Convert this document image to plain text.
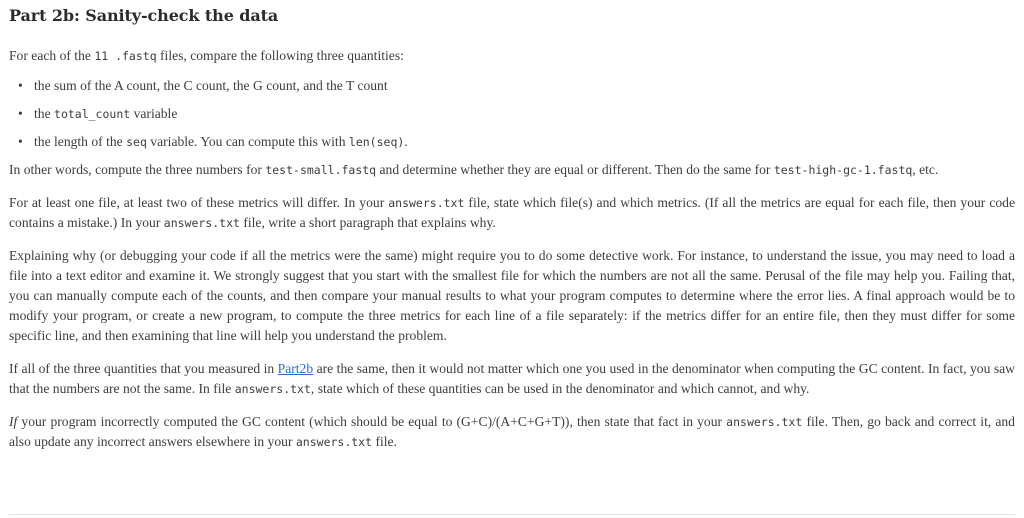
Part 2b: Sanity-check the data

For each of the 11 .fastq files, compare the following three quantities:

• the sum of the A count, the C count, the G count, and the T count
• the total_count variable
• the length of the seq variable. You can compute this with len(seq).

In other words, compute the three numbers for test-small.fastq and determine whether they are equal or different. Then do the same for test-high-gc-1.fastq, etc.

For at least one file, at least two of these metrics will differ. In your answers.txt file, state which file(s) and which metrics. (If all the metrics are equal for each file, then your code contains a mistake.) In your answers.txt file, write a short paragraph that explains why.

Explaining why (or debugging your code if all the metrics were the same) might require you to do some detective work. For instance, to understand the issue, you may need to load a file into a text editor and examine it. We strongly suggest that you start with the smallest file for which the numbers are not all the same. Perusal of the file may help you. Failing that, you can manually compute each of the counts, and then compare your manual results to what your program computes to determine where the error lies. A final approach would be to modify your program, or create a new program, to compute the three metrics for each line of a file separately: if the metrics differ for an entire file, then they must differ for some specific line, and then examining that line will help you understand the problem.

If all of the three quantities that you measured in Part2b are the same, then it would not matter which one you used in the denominator when computing the GC content. In fact, you saw that the numbers are not the same. In file answers.txt, state which of these quantities can be used in the denominator and which cannot, and why.

If your program incorrectly computed the GC content (which should be equal to (G+C)/(A+C+G+T)), then state that fact in your answers.txt file. Then, go back and correct it, and also update any incorrect answers elsewhere in your answers.txt file.
